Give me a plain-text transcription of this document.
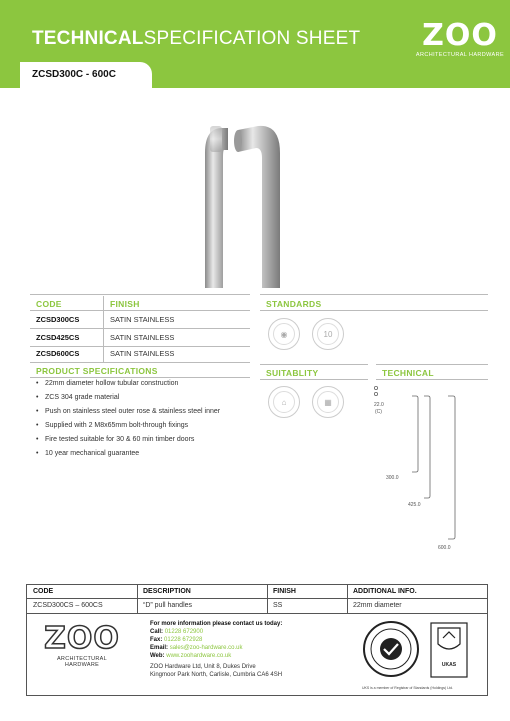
TECHNICALSPECIFICATION SHEET	ZOO
ARCHITECTURAL HARDWARE
ZCSD300C - 600C
CODE	FINISH
ZCSD300CS	SATIN STAINLESS
ZCSD425CS	SATIN STAINLESS
ZCSD600CS	SATIN STAINLESS
PRODUCT SPECIFICATIONS
• 22mm diameter hollow tubular construction
• ZCS 304 grade material
• Push on stainless steel outer rose & stainless steel inner
• Supplied with 2 M8x65mm bolt-through fixings
• Fire tested suitable for 30 & 60 min timber doors
• 10 year mechanical guarantee
STANDARDS
◉	10
SUITABLITY
⌂	▦
TECHNICAL
22.0
(C)
300.0
425.0
600.0
CODE	DESCRIPTION	FINISH	ADDITIONAL INFO.
ZCSD300CS – 600CS	“D” pull handles	SS	22mm diameter
ZOO
ARCHITECTURAL HARDWARE
For more information please contact us today:
Call: 01228 672900
Fax: 01228 672928
Email: sales@zoo-hardware.co.uk
Web: www.zoohardware.co.uk
ZOO Hardware Ltd, Unit 8, Dukes Drive
Kingmoor Park North, Carlisle, Cumbria CA6 4SH
UKAS
UKS is a member of Registrar of Standards (Holdings) Ltd.
